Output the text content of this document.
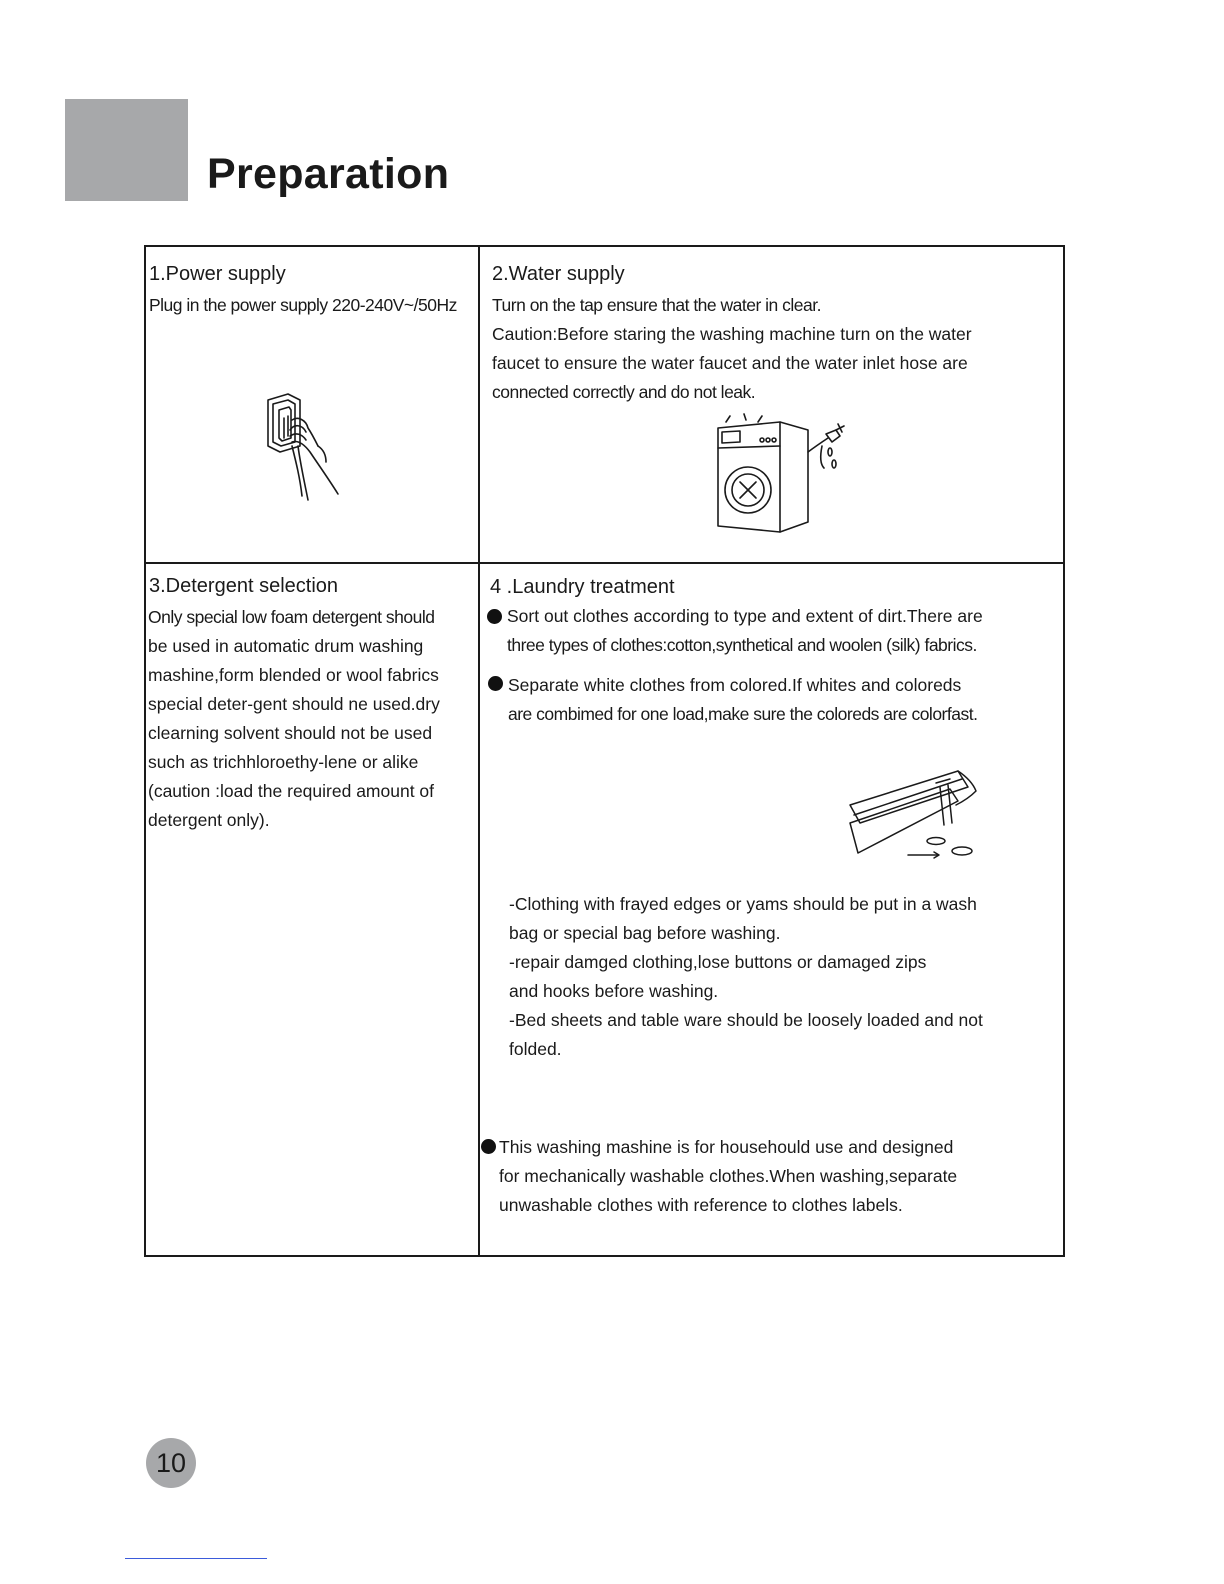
Preparation
1.Power supply
Plug in the power supply 220-240V~/50Hz
2.Water supply
Turn on the tap ensure that the water in clear.
Caution:Before staring the washing machine turn on the water
faucet to ensure the water faucet and the water inlet hose are
connected correctly and do not leak.
3.Detergent selection
Only special low foam detergent should
be used in automatic drum washing
mashine,form blended or wool fabrics
special deter-gent should ne used.dry
clearning solvent should not be used
such as trichhloroethy-lene or alike
(caution :load the required amount of
detergent only).
4 .Laundry treatment
Sort out clothes according to type and extent of dirt.There are
three types of clothes:cotton,synthetical and woolen (silk) fabrics.
Separate white clothes from colored.If whites and coloreds
are combimed for one load,make sure the coloreds are colorfast.
-Clothing with frayed edges or yams should be put in a wash
bag or special bag before washing.
-repair damged clothing,lose buttons or damaged zips
and hooks before washing.
-Bed sheets and table ware should be loosely loaded and not
folded.
This washing mashine is for househould use and designed
for mechanically washable clothes.When washing,separate
unwashable clothes with reference to clothes labels.
10
